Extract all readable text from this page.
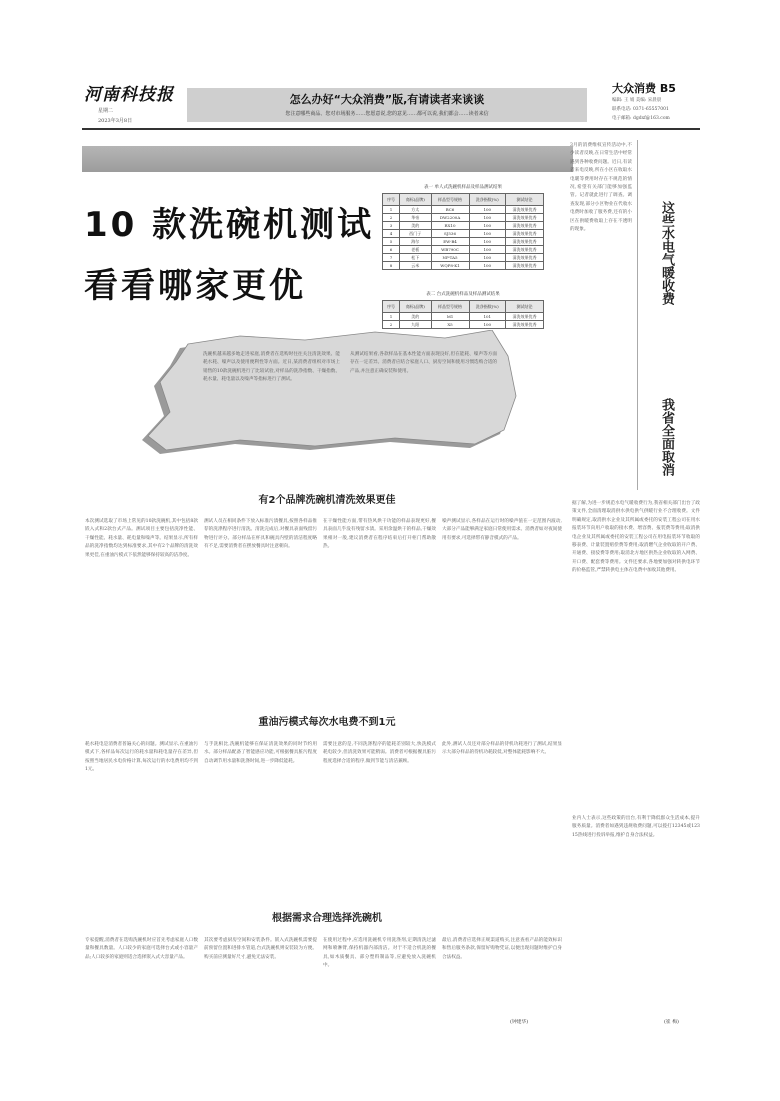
河南科技报
星期二
2023年3月8日
怎么办好“大众消费”版,有请读者来谈谈
您注意哪些商品、您对市场服务……您愿意说,您的意见……都可以说,我们都会……读者来信
大众消费 B5
编辑: 王 娟 美编: 宋晨晨
联系电话: 0371-65557001
电子邮箱: dgdxf@163.com
10 款洗碗机测试
看看哪家更优
表一 单人式洗碗机样品及样品测试结果
序号	商标(品牌)	样品型号规格	洗净指数(%)	测试结论
1	方太	BC6	100	清洗效果优秀
2	华帝	DW2200A	100	清洗效果优秀
3	美的	RX10	100	清洗效果优秀
4	西门子	SJ536	100	清洗效果优秀
5	海尔	EW-B4	100	清洗效果优秀
6	老板	WB790C	100	清洗效果优秀
7	松下	NP-TA5	100	清洗效果优秀
8	云米	WQP8-K1	100	清洗效果优秀
表二 台式洗碗机样品及样品测试结果
序号	商标(品牌)	样品型号规格	洗净指数(%)	测试结论
1	美的	M1	101	清洗效果优秀
2	九阳	X5	100	清洗效果优秀
洗碗机越来越多地走进家庭,消费者在选购时往往关注清洗效果、能耗水耗、噪声以及使用便利性等方面。近日,某消费者组织对市场上销售的10款洗碗机进行了比较试验,对样品的洗净指数、干燥指数、耗水量、耗电量以及噪声等指标进行了测试。
从测试结果看,各款样品在基本性能方面表现良好,但在能耗、噪声等方面存在一定差异。消费者应结合家庭人口、厨房空间和使用习惯选购合适的产品,并注意正确安装和使用。
有2个品牌洗碗机清洗效果更佳
本次测试选取了市场上常见的10款洗碗机,其中包括8款嵌入式和2款台式产品。测试项目主要包括洗净性能、干燥性能、耗水量、耗电量和噪声等。结果显示,所有样品的洗净指数均达到标准要求,其中有2个品牌的清洗效果更佳,在重油污模式下依然能够保持较高的洁净度。
测试人员在相同条件下放入标准污渍餐具,按照各样品推荐的洗涤程序进行清洗。清洗完成后,对餐具表面残留污物进行评分。部分样品在杯具和碗具内壁的清洁程度略有不足,需要消费者在摆放餐具时注意朝向。
在干燥性能方面,带有热风烘干功能的样品表现更好,餐具表面几乎没有残留水渍。采用余温烘干的样品,干燥效果相对一般,建议消费者在程序结束后打开柜门帮助散热。
噪声测试显示,各样品在运行时的噪声值在一定范围内波动,大部分产品能够满足家庭日常使用需求。消费者如对夜间使用有要求,可选择带有静音模式的产品。
重油污模式每次水电费不到1元
耗水耗电是消费者普遍关心的问题。测试显示,在重油污模式下,各样品每次运行的耗水量和耗电量存在差异,但按照当地居民水电价格计算,每次运行的水电费用均不到1元。
与手洗相比,洗碗机能够在保证清洗效果的同时节约用水。部分样品配备了智能感应功能,可根据餐具脏污程度自动调节用水量和洗涤时间,进一步降低能耗。
需要注意的是,不同洗涤程序的能耗差别较大,快洗模式耗电较少,但清洗效果可能稍弱。消费者可根据餐具脏污程度选择合适的程序,做到节能与清洁兼顾。
此外,测试人员还对部分样品的待机功耗进行了测试,结果显示大部分样品的待机功耗较低,对整体能耗影响不大。
根据需求合理选择洗碗机
专家提醒,消费者在选购洗碗机时应首先考虑家庭人口数量和餐具数量。人口较少的家庭可选择台式或小容量产品;人口较多的家庭则适合选择嵌入式大容量产品。
其次要考虑厨房空间和安装条件。嵌入式洗碗机需要提前预留位置和进排水管道,台式洗碗机则安装较为方便。购买前应测量好尺寸,避免无法安装。
在使用过程中,应选用洗碗机专用洗涤剂,定期清洗过滤网和喷淋臂,保持机器内部清洁。对于不适合机洗的餐具,如木质餐具、部分塑料制品等,应避免放入洗碗机中。
最后,消费者应选择正规渠道购买,注意查看产品的能效标识和售后服务条款,保留好购物凭证,以便出现问题时维护自身合法权益。
(钟建华)
3月的消费维权宣传活动中,不少读者反映,在日常生活中经常遇到各种收费问题。近日,有读者来电反映,所在小区在收取水电暖等费用时存在不规范的情况,希望有关部门能够加强监管。记者就此进行了调查。调查发现,部分小区物业在代收水电费时加收了服务费,还有的小区在供暖费收取上存在不透明的现象。	这些水电气暖收费
我省全面取消
据了解,为进一步规范水电气暖收费行为,我省相关部门出台了政策文件,全面清理取消供水供电供气供暖行业不合理收费。文件明确规定,取消供水企业及其所属或委托的安装工程公司在用水报装环节向用户收取的接水费、增容费、报装费等费用;取消供电企业及其所属或委托的安装工程公司在用电报装环节收取的移表费、计量装置赔偿费等费用;取消燃气企业收取的开户费、开通费、接驳费等费用;取消北方地区供热企业收取的入网费、开口费、配套费等费用。文件还要求,各地要加强对转供电环节的价格监管,严禁转供电主体在电费中加收其他费用。
业内人士表示,这些政策的出台,有利于降低群众生活成本,提升服务质量。消费者如遇到违规收费问题,可以拨打12345或12315热线进行投诉举报,维护自身合法权益。
(崔 梅)
